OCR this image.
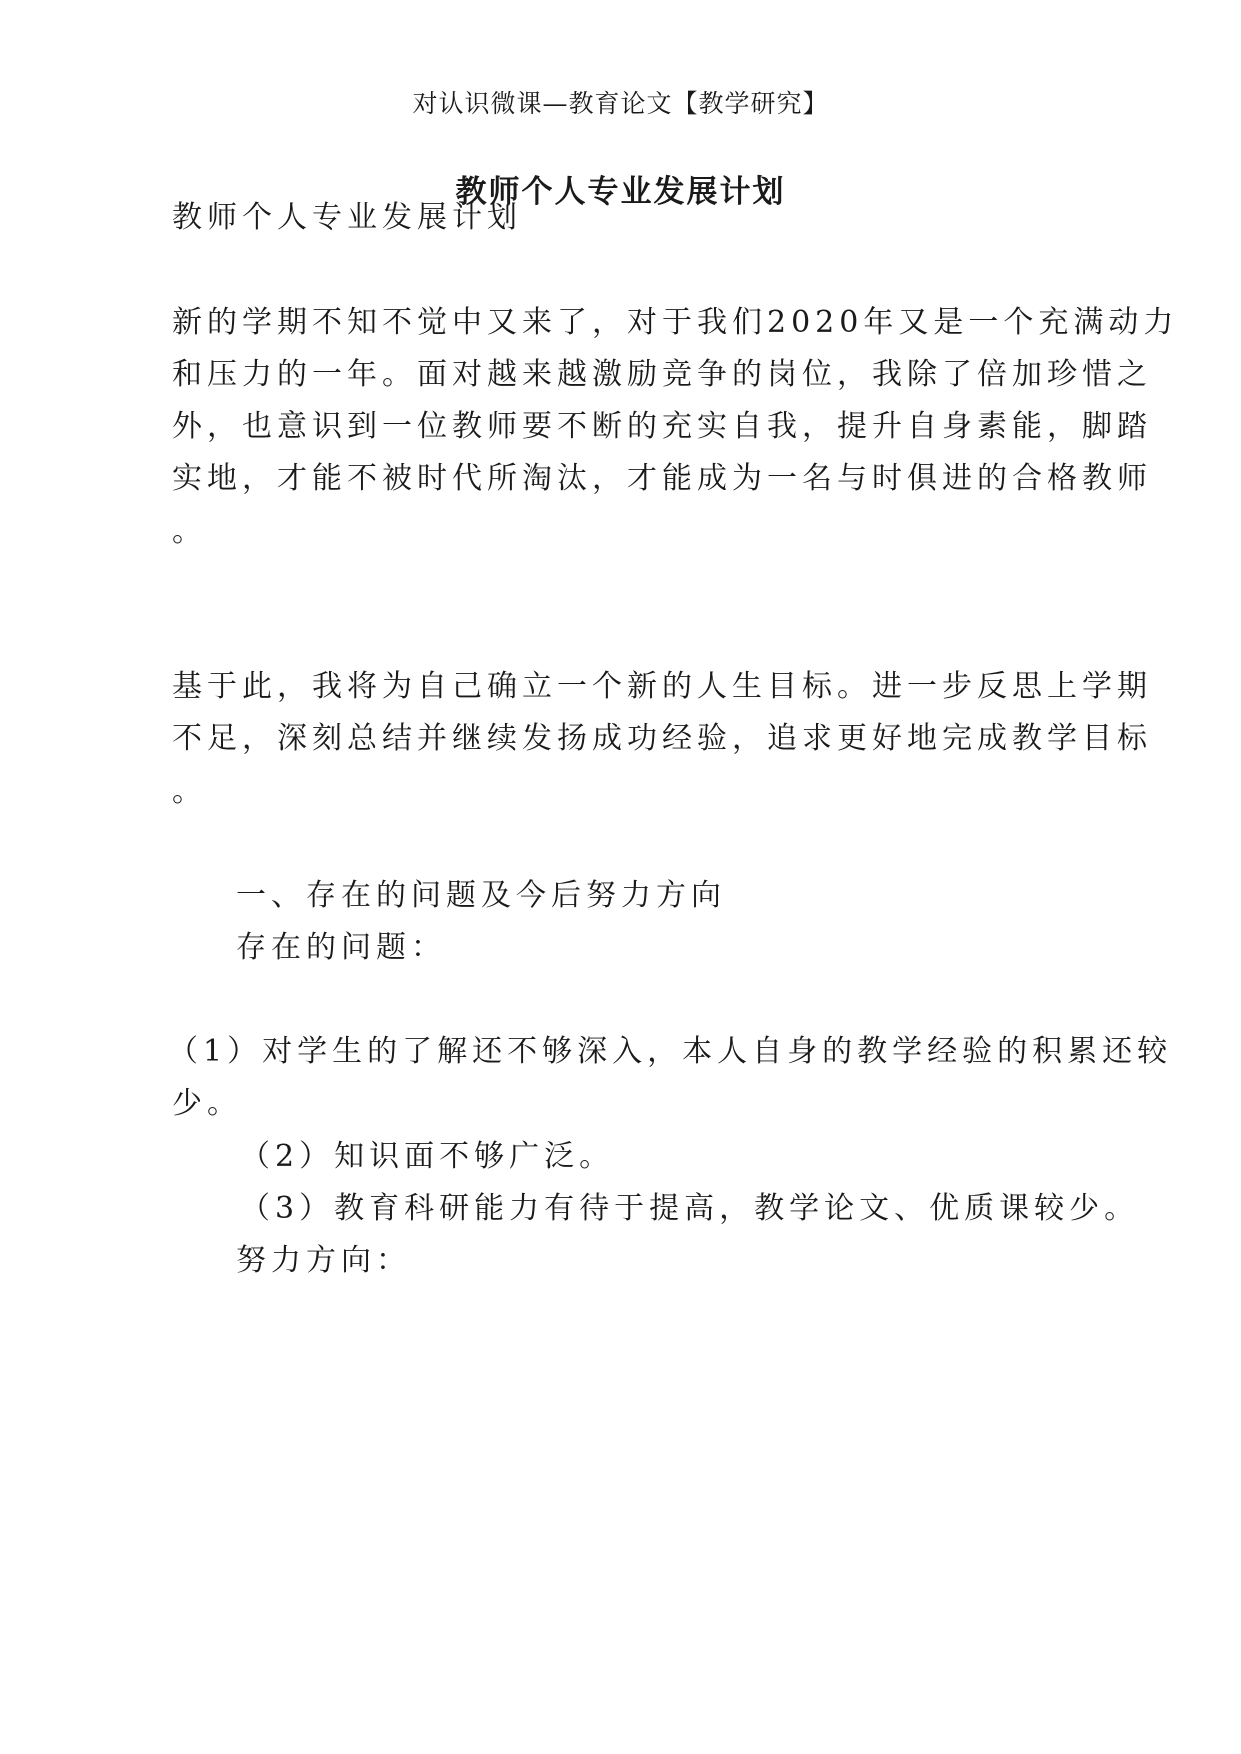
对认识微课—教育论文【教学研究】
教师个人专业发展计划
教师个人专业发展计划
新的学期不知不觉中又来了，对于我们2020年又是一个充满动力
和压力的一年。面对越来越激励竞争的岗位，我除了倍加珍惜之
外，也意识到一位教师要不断的充实自我，提升自身素能，脚踏
实地，才能不被时代所淘汰，才能成为一名与时俱进的合格教师
。
基于此，我将为自己确立一个新的人生目标。进一步反思上学期
不足，深刻总结并继续发扬成功经验，追求更好地完成教学目标
。
一、存在的问题及今后努力方向
存在的问题：
（1）对学生的了解还不够深入，本人自身的教学经验的积累还较
少。
（2）知识面不够广泛。
（3）教育科研能力有待于提高，教学论文、优质课较少。
努力方向：
